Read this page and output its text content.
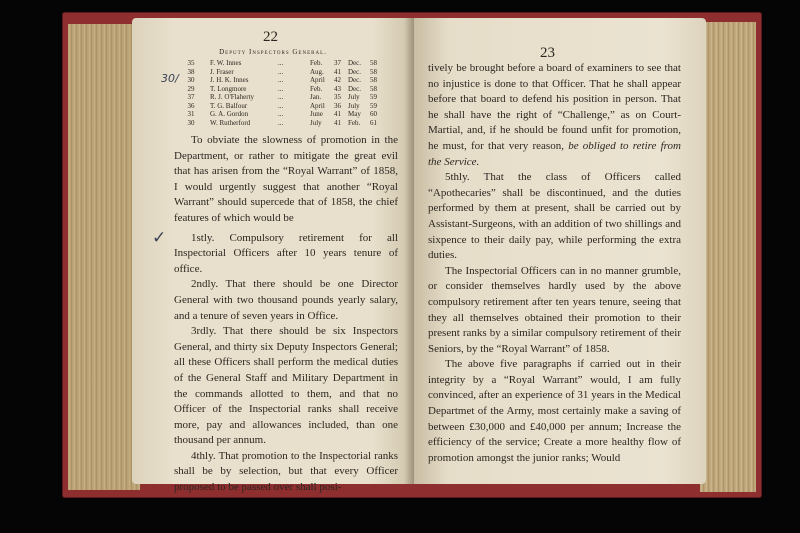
22
Deputy Inspectors General.
35	F. W. Innes	...	Feb. 37 Dec. 58
38	J. Fraser	...	Aug. 41 Dec. 58
30	J. H. K. Innes	...	April 42 Dec. 58
29	T. Longmore	...	Feb. 43 Dec. 58
37	R. J. O'Flaherty	...	Jan. 35 July 59
36	T. G. Balfour	...	April 36 July 59
31	G. A. Gordon	...	June 41 May 60
30	W. Rutherford	...	July 41 Feb. 61
30/
✓

To obviate the slowness of promotion in the Department, or rather to mitigate the great evil that has arisen from the “Royal Warrant” of 1858, I would urgently suggest that another “Royal Warrant” should supercede that of 1858, the chief features of which would be

1stly. Compulsory retirement for all Inspectorial Officers after 10 years tenure of office.

2ndly. That there should be one Director General with two thousand pounds yearly salary, and a tenure of seven years in Office.

3rdly. That there should be six Inspectors General, and thirty six Deputy Inspectors General; all these Officers shall perform the medical duties of the General Staff and Military Department in the commands allotted to them, and that no Officer of the Inspectorial ranks shall receive more, pay and allowances included, than one thousand per annum.

4thly. That promotion to the Inspectorial ranks shall be by selection, but that every Officer proposed to be passed over shall posi-

23

tively be brought before a board of examiners to see that no injustice is done to that Officer. That he shall appear before that board to defend his position in person. That he shall have the right of “Challenge,” as on Court-Martial, and, if he should be found unfit for promotion, he must, for that very reason, be obliged to retire from the Service.

5thly. That the class of Officers called “Apothecaries” shall be discontinued, and the duties performed by them at present, shall be carried out by Assistant-Surgeons, with an addition of two shillings and sixpence to their daily pay, while performing the extra duties.

The Inspectorial Officers can in no manner grumble, or consider themselves hardly used by the above compulsory retirement after ten years tenure, seeing that they all themselves obtained their promotion to their present ranks by a similar compulsory retirement of their Seniors, by the “Royal Warrant” of 1858.

The above five paragraphs if carried out in their integrity by a “Royal Warrant” would, I am fully convinced, after an experience of 31 years in the Medical Departmet of the Army, most certainly make a saving of between £30,000 and £40,000 per annum; Increase the efficiency of the service; Create a more healthy flow of promotion amongst the junior ranks; Would
